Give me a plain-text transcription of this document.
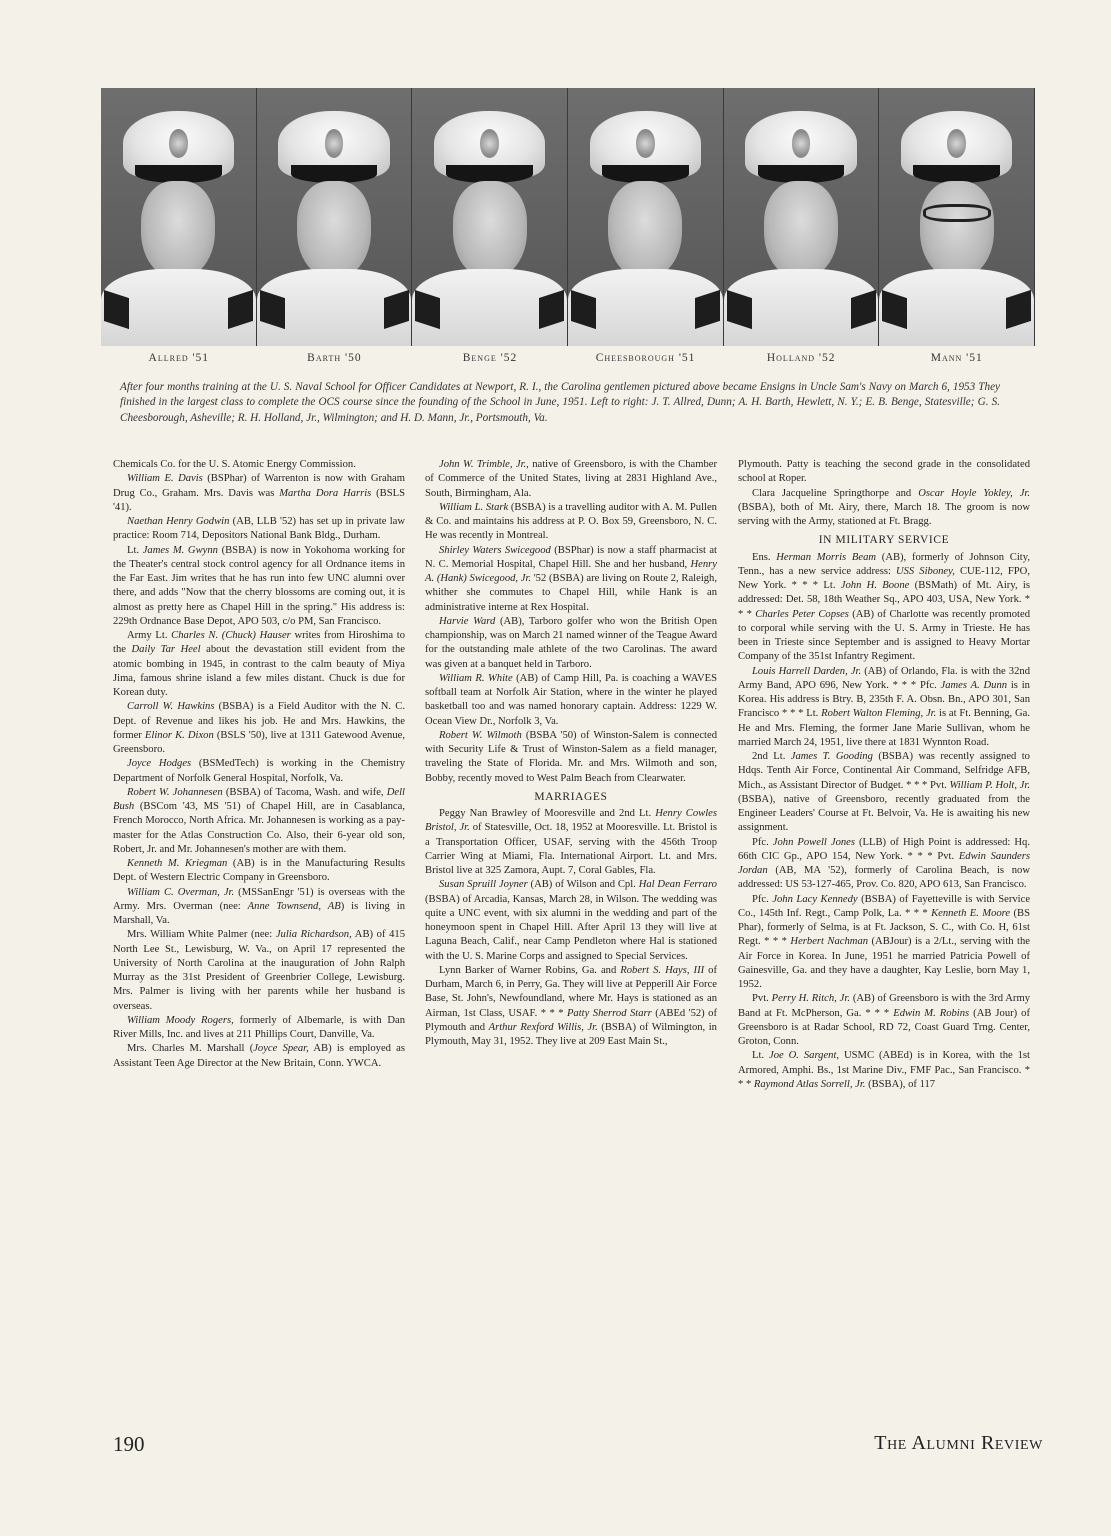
Allred '51	Barth '50	Benge '52	Cheesborough '51	Holland '52	Mann '51
After four months training at the U. S. Naval School for Officer Candidates at Newport, R. I., the Carolina gentlemen pictured above became Ensigns in Uncle Sam's Navy on March 6, 1953 They finished in the largest class to complete the OCS course since the founding of the School in June, 1951. Left to right: J. T. Allred, Dunn; A. H. Barth, Hewlett, N. Y.; E. B. Benge, Statesville; G. S. Cheesborough, Asheville; R. H. Holland, Jr., Wilmington; and H. D. Mann, Jr., Portsmouth, Va.

Chemicals Co. for the U. S. Atomic Energy Commission.

William E. Davis (BSPhar) of Warrenton is now with Graham Drug Co., Graham. Mrs. Davis was Martha Dora Harris (BSLS '41).

Naethan Henry Godwin (AB, LLB '52) has set up in private law practice: Room 714, Depositors National Bank Bldg., Durham.

Lt. James M. Gwynn (BSBA) is now in Yokohoma working for the Theater's central stock control agency for all Ordnance items in the Far East. Jim writes that he has run into few UNC alumni over there, and adds "Now that the cherry blossoms are coming out, it is almost as pretty here as Chapel Hill in the spring." His address is: 229th Ordnance Base Depot, APO 503, c/o PM, San Francisco.

Army Lt. Charles N. (Chuck) Hauser writes from Hiroshima to the Daily Tar Heel about the devastation still evident from the atomic bombing in 1945, in contrast to the calm beauty of Miya Jima, famous shrine island a few miles distant. Chuck is due for Korean duty.

Carroll W. Hawkins (BSBA) is a Field Auditor with the N. C. Dept. of Revenue and likes his job. He and Mrs. Hawkins, the former Elinor K. Dixon (BSLS '50), live at 1311 Gatewood Avenue, Greensboro.

Joyce Hodges (BSMedTech) is working in the Chemistry Department of Norfolk General Hospital, Norfolk, Va.

Robert W. Johannesen (BSBA) of Tacoma, Wash. and wife, Dell Bush (BSCom '43, MS '51) of Chapel Hill, are in Casablanca, French Morocco, North Africa. Mr. Johannesen is working as a pay-master for the Atlas Construction Co. Also, their 6-year old son, Robert, Jr. and Mr. Johannesen's mother are with them.

Kenneth M. Kriegman (AB) is in the Manufacturing Results Dept. of Western Electric Company in Greensboro.

William C. Overman, Jr. (MSSanEngr '51) is overseas with the Army. Mrs. Overman (nee: Anne Townsend, AB) is living in Marshall, Va.

Mrs. William White Palmer (nee: Julia Richardson, AB) of 415 North Lee St., Lewisburg, W. Va., on April 17 represented the University of North Carolina at the inauguration of John Ralph Murray as the 31st President of Greenbrier College, Lewisburg. Mrs. Palmer is living with her parents while her husband is overseas.

William Moody Rogers, formerly of Albemarle, is with Dan River Mills, Inc. and lives at 211 Phillips Court, Danville, Va.

Mrs. Charles M. Marshall (Joyce Spear, AB) is employed as Assistant Teen Age Director at the New Britain, Conn. YWCA.

John W. Trimble, Jr., native of Greensboro, is with the Chamber of Commerce of the United States, living at 2831 Highland Ave., South, Birmingham, Ala.

William L. Stark (BSBA) is a travelling auditor with A. M. Pullen & Co. and maintains his address at P. O. Box 59, Greensboro, N. C. He was recently in Montreal.

Shirley Waters Swicegood (BSPhar) is now a staff pharmacist at N. C. Memorial Hospital, Chapel Hill. She and her husband, Henry A. (Hank) Swicegood, Jr. '52 (BSBA) are living on Route 2, Raleigh, whither she commutes to Chapel Hill, while Hank is an administrative interne at Rex Hospital.

Harvie Ward (AB), Tarboro golfer who won the British Open championship, was on March 21 named winner of the Teague Award for the outstanding male athlete of the two Carolinas. The award was given at a banquet held in Tarboro.

William R. White (AB) of Camp Hill, Pa. is coaching a WAVES softball team at Norfolk Air Station, where in the winter he played basketball too and was named honorary captain. Address: 1229 W. Ocean View Dr., Norfolk 3, Va.

Robert W. Wilmoth (BSBA '50) of Winston-Salem is connected with Security Life & Trust of Winston-Salem as a field manager, traveling the State of Florida. Mr. and Mrs. Wilmoth and son, Bobby, recently moved to West Palm Beach from Clearwater.

MARRIAGES

Peggy Nan Brawley of Mooresville and 2nd Lt. Henry Cowles Bristol, Jr. of Statesville, Oct. 18, 1952 at Mooresville. Lt. Bristol is a Transportation Officer, USAF, serving with the 456th Troop Carrier Wing at Miami, Fla. International Airport. Lt. and Mrs. Bristol live at 325 Zamora, Aupt. 7, Coral Gables, Fla.

Susan Spruill Joyner (AB) of Wilson and Cpl. Hal Dean Ferraro (BSBA) of Arcadia, Kansas, March 28, in Wilson. The wedding was quite a UNC event, with six alumni in the wedding and part of the honeymoon spent in Chapel Hill. After April 13 they will live at Laguna Beach, Calif., near Camp Pendleton where Hal is stationed with the U. S. Marine Corps and assigned to Special Services.

Lynn Barker of Warner Robins, Ga. and Robert S. Hays, III of Durham, March 6, in Perry, Ga. They will live at Pepperill Air Force Base, St. John's, Newfoundland, where Mr. Hays is stationed as an Airman, 1st Class, USAF. * * * Patty Sherrod Starr (ABEd '52) of Plymouth and Arthur Rexford Willis, Jr. (BSBA) of Wilmington, in Plymouth, May 31, 1952. They live at 209 East Main St.,

Plymouth. Patty is teaching the second grade in the consolidated school at Roper.

Clara Jacqueline Springthorpe and Oscar Hoyle Yokley, Jr. (BSBA), both of Mt. Airy, there, March 18. The groom is now serving with the Army, stationed at Ft. Bragg.

IN MILITARY SERVICE

Ens. Herman Morris Beam (AB), formerly of Johnson City, Tenn., has a new service address: USS Siboney, CUE-112, FPO, New York. * * * Lt. John H. Boone (BSMath) of Mt. Airy, is addressed: Det. 58, 18th Weather Sq., APO 403, USA, New York. * * * Charles Peter Copses (AB) of Charlotte was recently promoted to corporal while serving with the U. S. Army in Trieste. He has been in Trieste since September and is assigned to Heavy Mortar Company of the 351st Infantry Regiment.

Louis Harrell Darden, Jr. (AB) of Orlando, Fla. is with the 32nd Army Band, APO 696, New York. * * * Pfc. James A. Dunn is in Korea. His address is Btry. B, 235th F. A. Obsn. Bn., APO 301, San Francisco * * * Lt. Robert Walton Fleming, Jr. is at Ft. Benning, Ga. He and Mrs. Fleming, the former Jane Marie Sullivan, whom he married March 24, 1951, live there at 1831 Wynnton Road.

2nd Lt. James T. Gooding (BSBA) was recently assigned to Hdqs. Tenth Air Force, Continental Air Command, Selfridge AFB, Mich., as Assistant Director of Budget. * * * Pvt. William P. Holt, Jr. (BSBA), native of Greensboro, recently graduated from the Engineer Leaders' Course at Ft. Belvoir, Va. He is awaiting his new assignment.

Pfc. John Powell Jones (LLB) of High Point is addressed: Hq. 66th CIC Gp., APO 154, New York. * * * Pvt. Edwin Saunders Jordan (AB, MA '52), formerly of Carolina Beach, is now addressed: US 53-127-465, Prov. Co. 820, APO 613, San Francisco.

Pfc. John Lacy Kennedy (BSBA) of Fayetteville is with Service Co., 145th Inf. Regt., Camp Polk, La. * * * Kenneth E. Moore (BS Phar), formerly of Selma, is at Ft. Jackson, S. C., with Co. H, 61st Regt. * * * Herbert Nachman (ABJour) is a 2/Lt., serving with the Air Force in Korea. In June, 1951 he married Patricia Powell of Gainesville, Ga. and they have a daughter, Kay Leslie, born May 1, 1952.

Pvt. Perry H. Ritch, Jr. (AB) of Greensboro is with the 3rd Army Band at Ft. McPherson, Ga. * * * Edwin M. Robins (AB Jour) of Greensboro is at Radar School, RD 72, Coast Guard Trng. Center, Groton, Conn.

Lt. Joe O. Sargent, USMC (ABEd) is in Korea, with the 1st Armored, Amphi. Bs., 1st Marine Div., FMF Pac., San Francisco. * * * Raymond Atlas Sorrell, Jr. (BSBA), of 117

190	The Alumni Review
